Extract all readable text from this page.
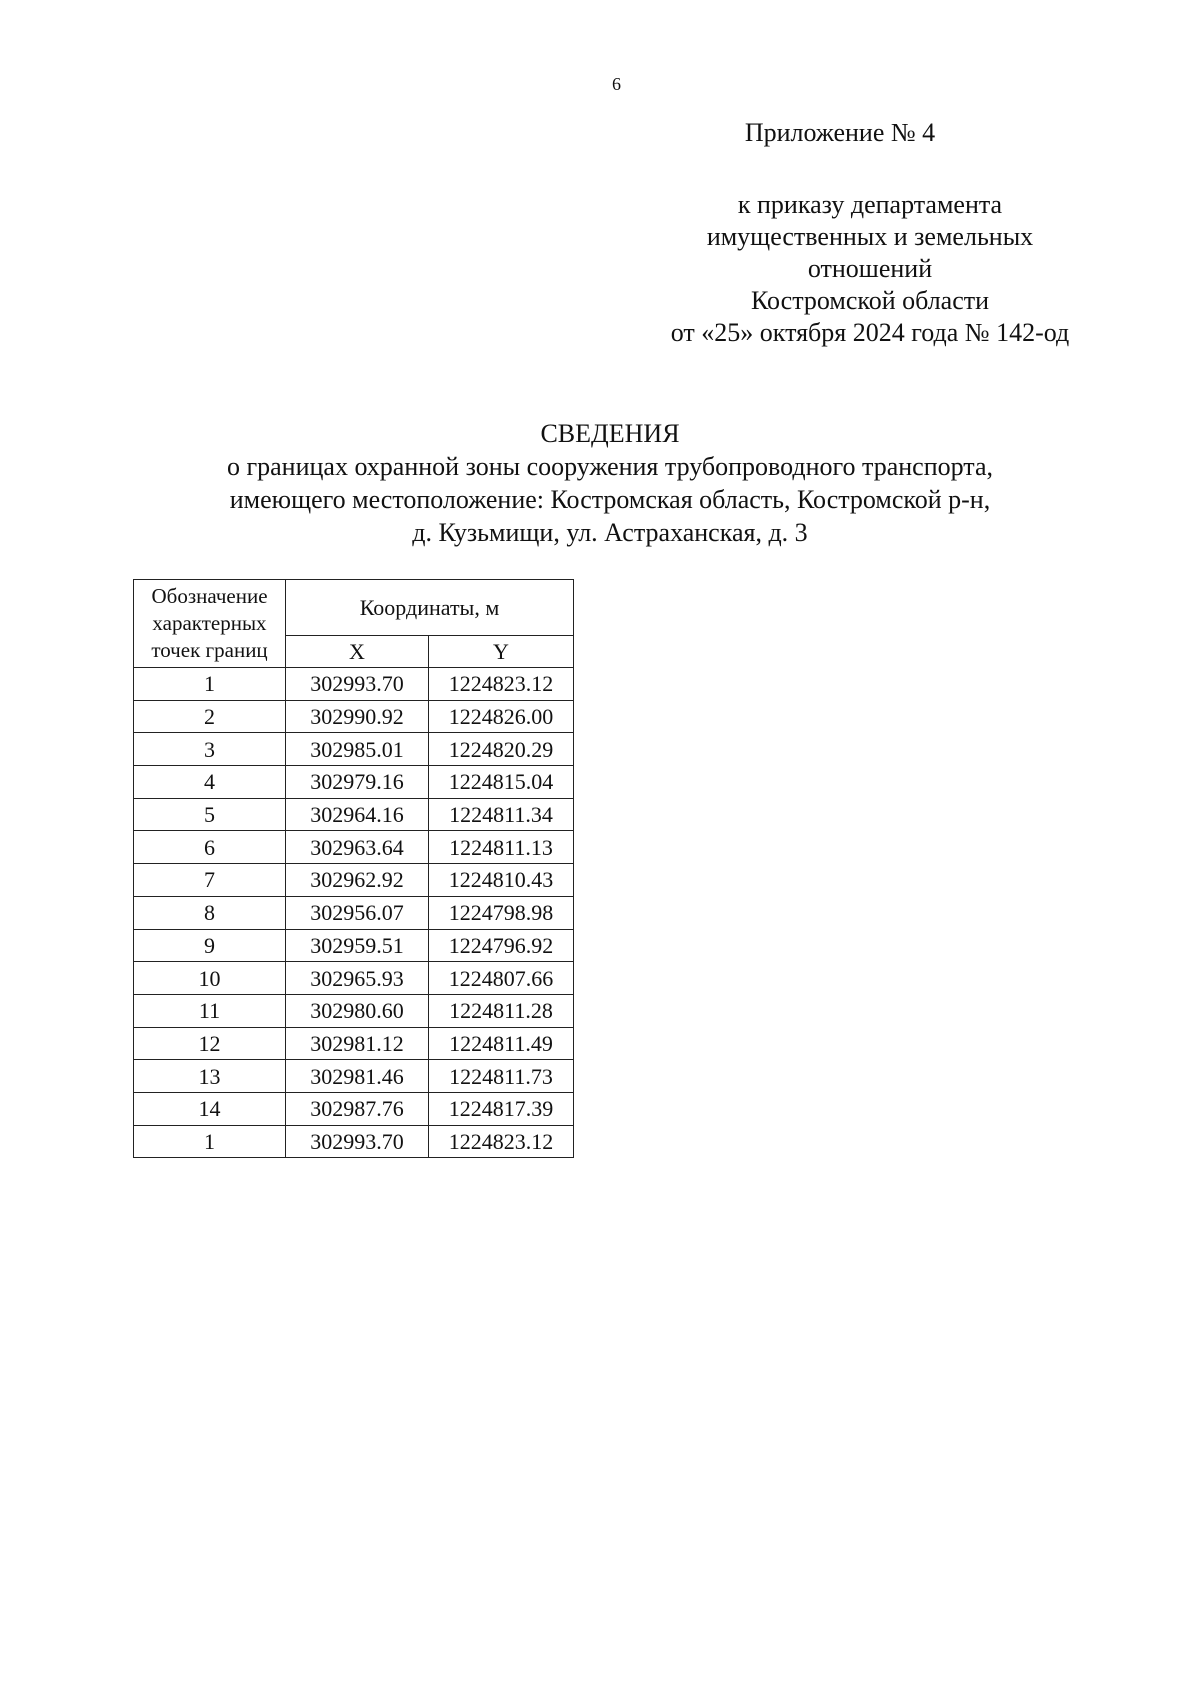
6
Приложение № 4
к приказу департамента
имущественных и земельных
отношений
Костромской области
от «25» октября 2024 года № 142-од
СВЕДЕНИЯ
о границах охранной зоны сооружения трубопроводного транспорта,
имеющего местоположение: Костромская область, Костромской р-н,
д. Кузьмищи, ул. Астраханская, д. 3
Обозначение
характерных
точек границ	Координаты, м	
	X	Y
1	302993.70	1224823.12
2	302990.92	1224826.00
3	302985.01	1224820.29
4	302979.16	1224815.04
5	302964.16	1224811.34
6	302963.64	1224811.13
7	302962.92	1224810.43
8	302956.07	1224798.98
9	302959.51	1224796.92
10	302965.93	1224807.66
11	302980.60	1224811.28
12	302981.12	1224811.49
13	302981.46	1224811.73
14	302987.76	1224817.39
1	302993.70	1224823.12
